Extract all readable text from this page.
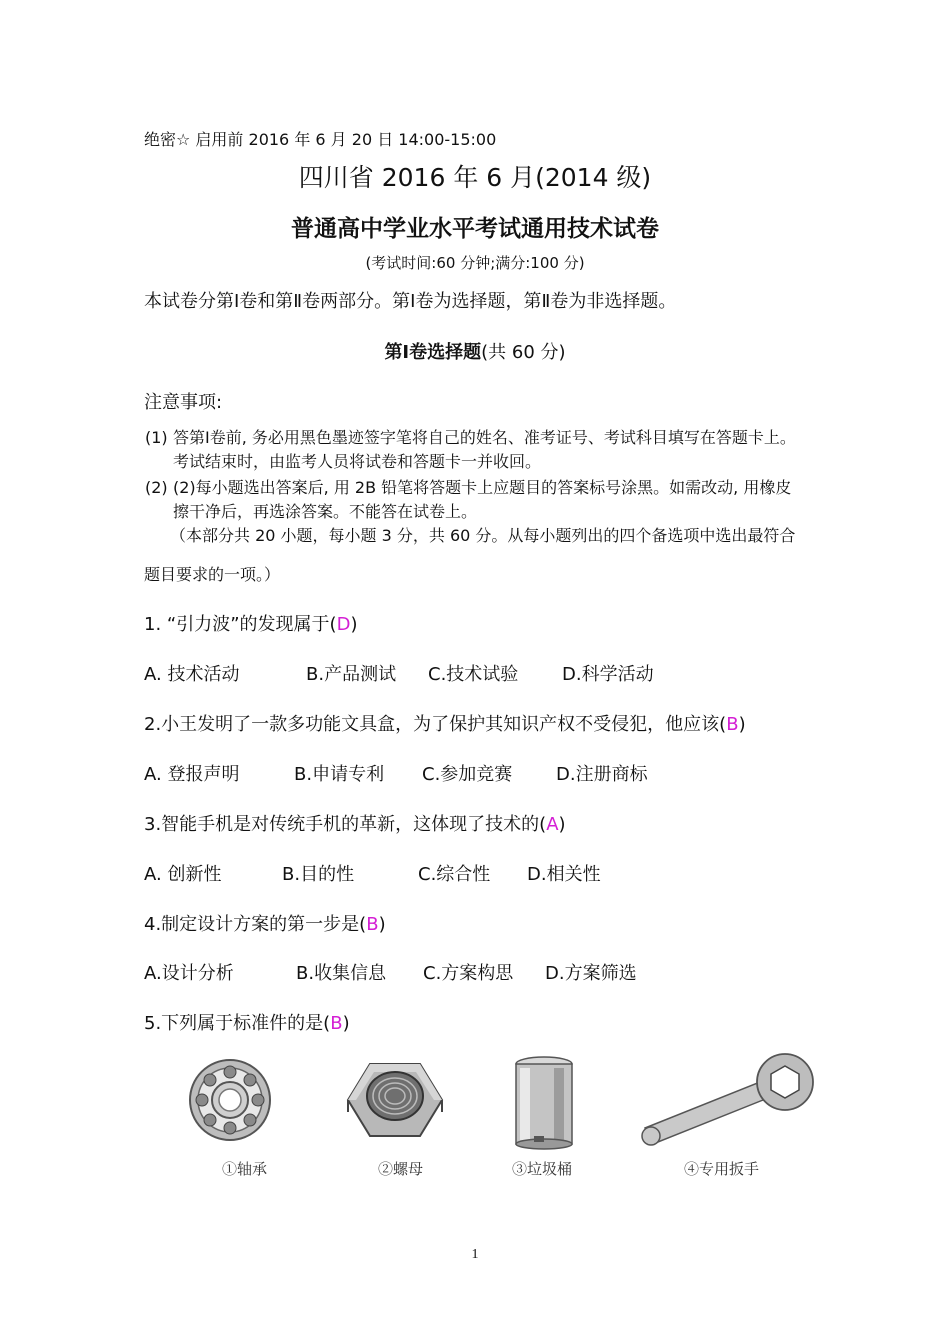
绝密☆ 启用前 2016 年 6 月 20 日 14:00-15:00
四川省 2016 年 6 月(2014 级)
普通高中学业水平考试通用技术试卷
(考试时间:60 分钟;满分:100 分)
本试卷分第Ⅰ卷和第Ⅱ卷两部分。第Ⅰ卷为选择题，第Ⅱ卷为非选择题。
第Ⅰ卷选择题(共 60 分)
注意事项:
(1) 答第Ⅰ卷前, 务必用黑色墨迹签字笔将自己的姓名、准考证号、考试科目填写在答题卡上。
考试结束时，由监考人员将试卷和答题卡一并收回。
(2) (2)每小题选出答案后, 用 2B 铅笔将答题卡上应题目的答案标号涂黑。如需改动, 用橡皮
擦干净后，再选涂答案。不能答在试卷上。
（本部分共 20 小题，每小题 3 分，共 60 分。从每小题列出的四个备选项中选出最符合
题目要求的一项。）
1. “引力波”的发现属于(D)
A. 技术活动	B.产品测试 C.技术试验 D.科学活动
2.小王发明了一款多功能文具盒，为了保护其知识产权不受侵犯，他应该(B)
A. 登报声明	B.申请专利 C.参加竞赛 D.注册商标
3.智能手机是对传统手机的革新，这体现了技术的(A)
A. 创新性	B.目的性	C.综合性 D.相关性
4.制定设计方案的第一步是(B)
A.设计分析	B.收集信息 C.方案构思 D.方案筛选
5.下列属于标准件的是(B)
①轴承	②螺母	③垃圾桶	④专用扳手
1
